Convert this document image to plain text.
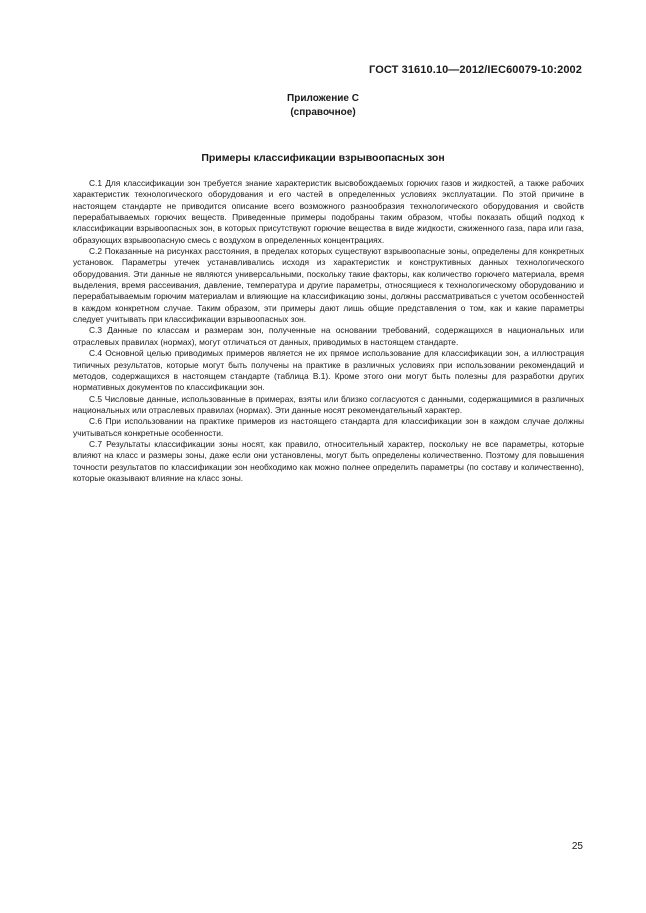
ГОСТ 31610.10—2012/IEC60079-10:2002
Приложение С
(справочное)
Примеры классификации взрывоопасных зон

С.1 Для классификации зон требуется знание характеристик высвобождаемых горючих газов и жидкостей, а также рабочих характеристик технологического оборудования и его частей в определенных условиях эксплуатации. По этой причине в настоящем стандарте не приводится описание всего возможного разнообразия технологического оборудования и свойств перерабатываемых горючих веществ. Приведенные примеры подобраны таким образом, чтобы показать общий подход к классификации взрывоопасных зон, в которых присутствуют горючие вещества в виде жидкости, сжиженного газа, пара или газа, образующих взрывоопасную смесь с воздухом в определенных концентрациях.

С.2 Показанные на рисунках расстояния, в пределах которых существуют взрывоопасные зоны, определены для конкретных установок. Параметры утечек устанавливались исходя из характеристик и конструктивных данных технологического оборудования. Эти данные не являются универсальными, поскольку такие факторы, как количество горючего материала, время выделения, время рассеивания, давление, температура и другие параметры, относящиеся к технологическому оборудованию и перерабатываемым горючим материалам и влияющие на классификацию зоны, должны рассматриваться с учетом особенностей в каждом конкретном случае. Таким образом, эти примеры дают лишь общие представления о том, как и какие параметры следует учитывать при классификации взрывоопасных зон.

С.3 Данные по классам и размерам зон, полученные на основании требований, содержащихся в национальных или отраслевых правилах (нормах), могут отличаться от данных, приводимых в настоящем стандарте.

С.4 Основной целью приводимых примеров является не их прямое использование для классификации зон, а иллюстрация типичных результатов, которые могут быть получены на практике в различных условиях при использовании рекомендаций и методов, содержащихся в настоящем стандарте (таблица В.1). Кроме этого они могут быть полезны для разработки других нормативных документов по классификации зон.

С.5 Числовые данные, использованные в примерах, взяты или близко согласуются с данными, содержащимися в различных национальных или отраслевых правилах (нормах). Эти данные носят рекомендательный характер.

С.6 При использовании на практике примеров из настоящего стандарта для классификации зон в каждом случае должны учитываться конкретные особенности.

С.7 Результаты классификации зоны носят, как правило, относительный характер, поскольку не все параметры, которые влияют на класс и размеры зоны, даже если они установлены, могут быть определены количественно. Поэтому для повышения точности результатов по классификации зон необходимо как можно полнее определить параметры (по составу и количественно), которые оказывают влияние на класс зоны.

25
